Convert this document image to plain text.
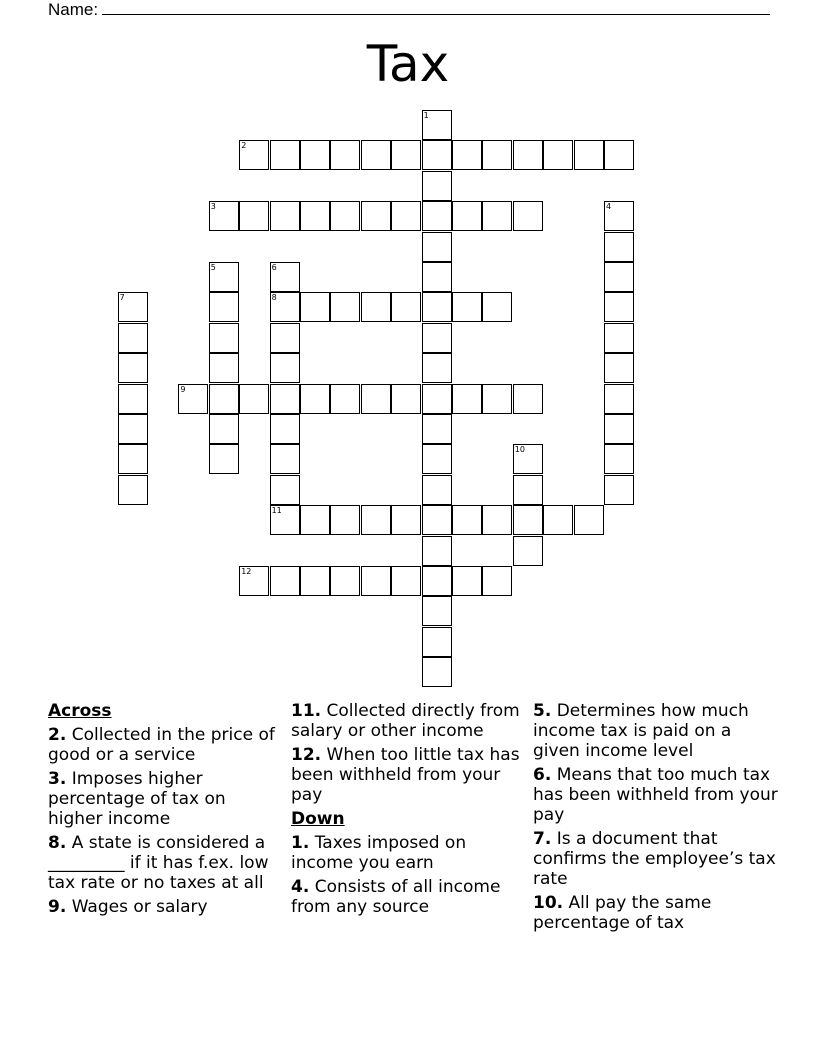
Name:
Tax
1
2
3	4
5	6
8
11
7
9
10
12
Across
2. Collected in the price of good or a service
3. Imposes higher percentage of tax on higher income
8. A state is considered a _________ if it has f.ex. low tax rate or no taxes at all
9. Wages or salary
11. Collected directly from salary or other income
12. When too little tax has been withheld from your pay
Down
1. Taxes imposed on income you earn
4. Consists of all income from any source
5. Determines how much income tax is paid on a given income level
6. Means that too much tax has been withheld from your pay
7. Is a document that confirms the employee’s tax rate
10. All pay the same percentage of tax
